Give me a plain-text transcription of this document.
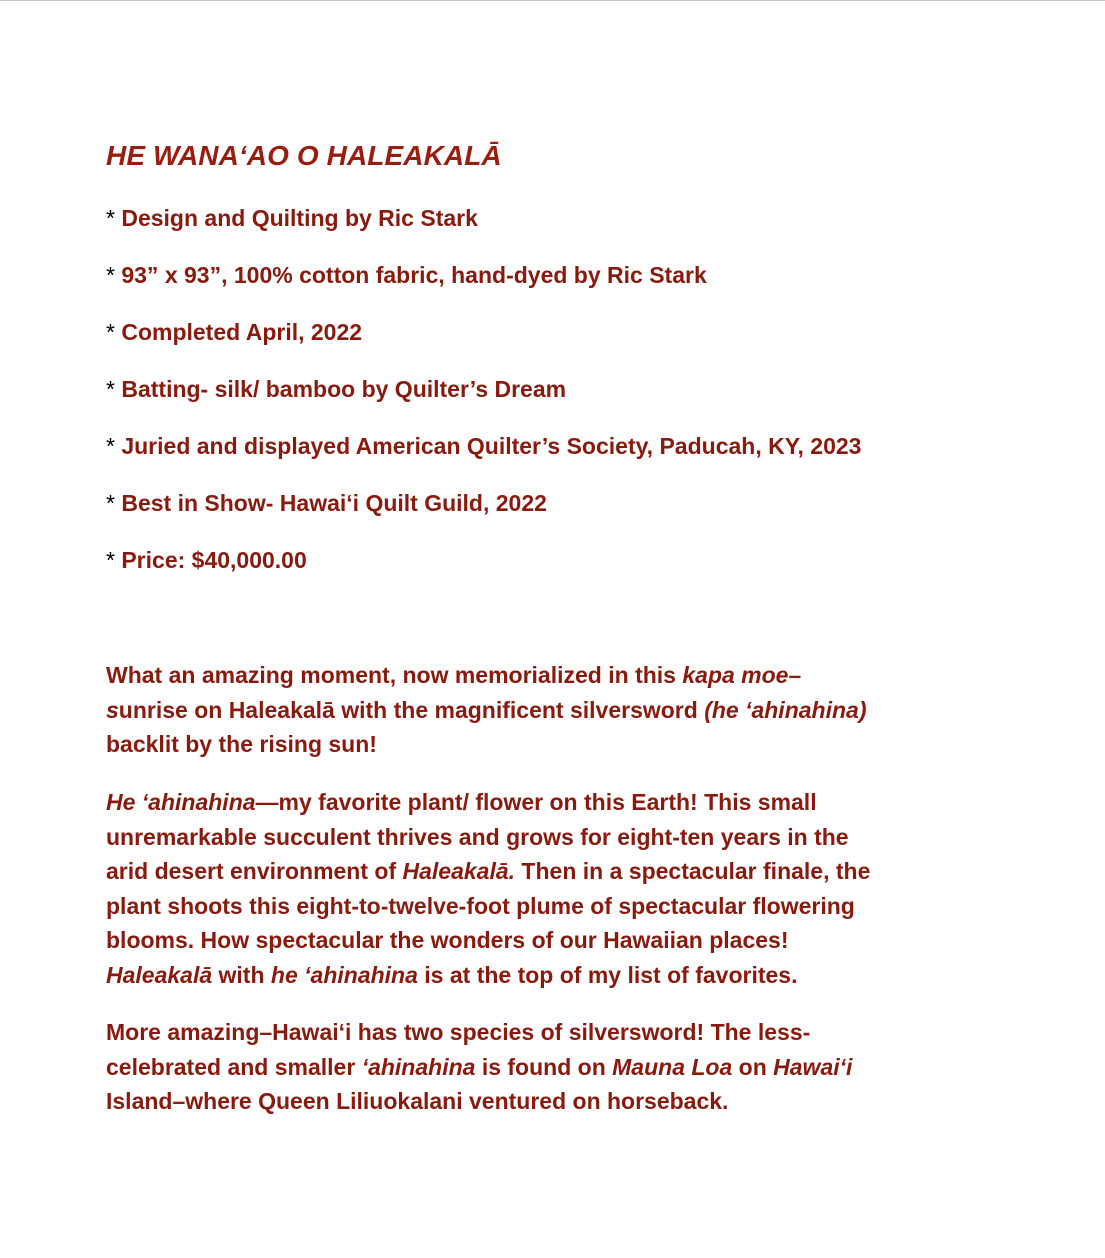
HE WANA‘AO O HALEAKALĀ
* Design and Quilting by Ric Stark
* 93” x 93”, 100% cotton fabric, hand-dyed by Ric Stark
* Completed April, 2022
* Batting- silk/ bamboo by Quilter’s Dream
* Juried and displayed American Quilter’s Society, Paducah, KY, 2023
* Best in Show- Hawai‘i Quilt Guild, 2022
* Price: $40,000.00

What an amazing moment, now memorialized in this kapa moe–
sunrise on Haleakalā with the magnificent silversword (he ‘ahinahina)
backlit by the rising sun!

He ‘ahinahina—my favorite plant/ flower on this Earth! This small
unremarkable succulent thrives and grows for eight-ten years in the
arid desert environment of Haleakalā. Then in a spectacular finale, the
plant shoots this eight-to-twelve-foot plume of spectacular flowering
blooms. How spectacular the wonders of our Hawaiian places!
Haleakalā with he ‘ahinahina is at the top of my list of favorites.

More amazing–Hawai‘i has two species of silversword! The less-
celebrated and smaller ‘ahinahina is found on Mauna Loa on Hawai‘i
Island–where Queen Liliuokalani ventured on horseback.
